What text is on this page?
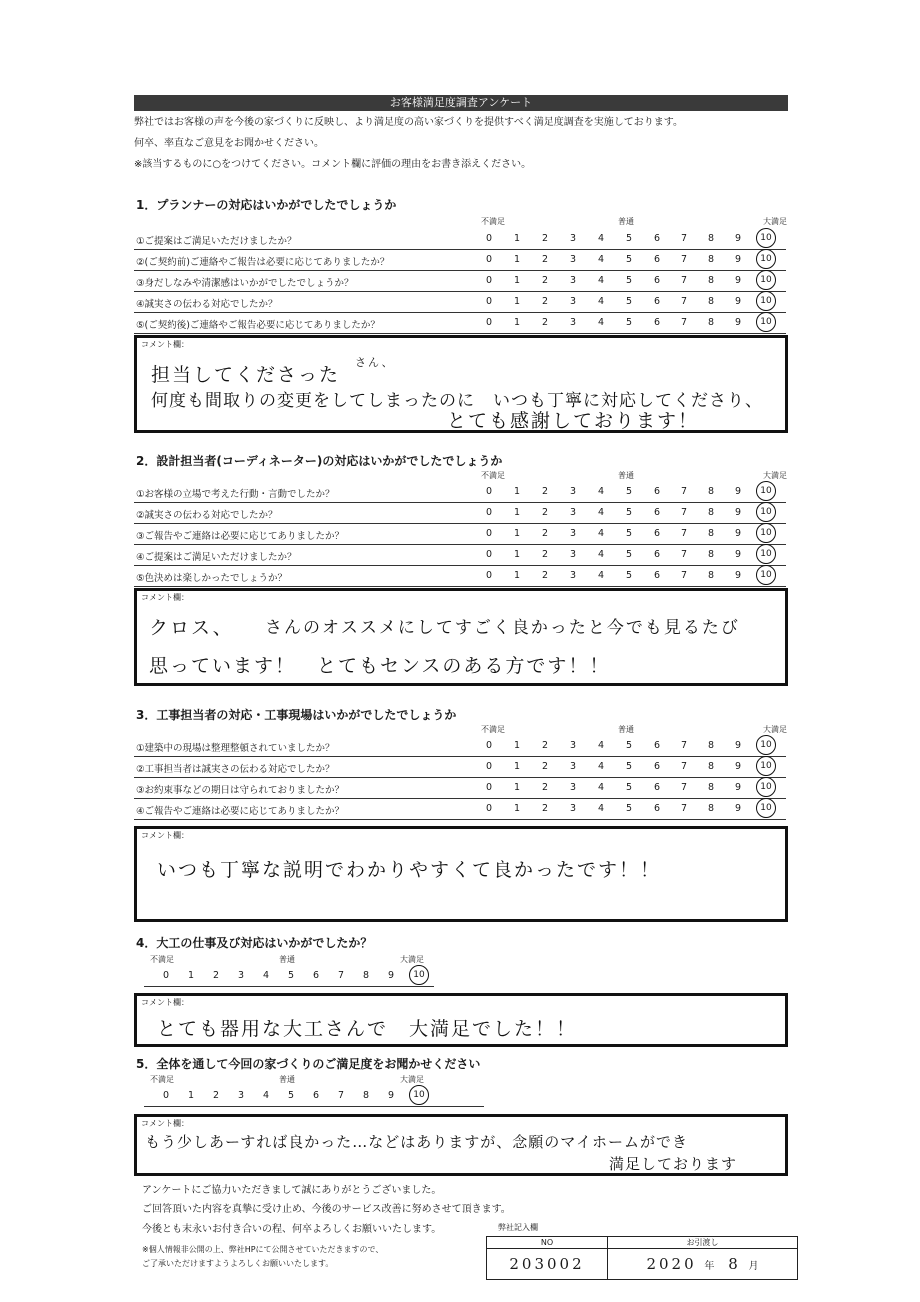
お客様満足度調査アンケート
弊社ではお客様の声を今後の家づくりに反映し、より満足度の高い家づくりを提供すべく満足度調査を実施しております。
何卒、率直なご意見をお聞かせください。
※該当するものに○をつけてください。コメント欄に評価の理由をお書き添えください。
1．プランナーの対応はいかがでしたでしょうか
不満足	普通	大満足
①ご提案はご満足いただけましたか？	0	1	2	3	4	5	6	7	8	9	10
②(ご契約前)ご連絡やご報告は必要に応じてありましたか？	0	1	2	3	4	5	6	7	8	9	10
③身だしなみや清潔感はいかがでしたでしょうか？	0	1	2	3	4	5	6	7	8	9	10
④誠実さの伝わる対応でしたか？	0	1	2	3	4	5	6	7	8	9	10
⑤(ご契約後)ご連絡やご報告必要に応じてありましたか？	0	1	2	3	4	5	6	7	8	9	10
コメント欄：
担当してくださった
さん、
何度も間取りの変更をしてしまったのに　いつも丁寧に対応してくださり、
とても感謝しております！
2．設計担当者(コーディネーター)の対応はいかがでしたでしょうか
不満足	普通	大満足
①お客様の立場で考えた行動・言動でしたか？	0	1	2	3	4	5	6	7	8	9	10
②誠実さの伝わる対応でしたか？	0	1	2	3	4	5	6	7	8	9	10
③ご報告やご連絡は必要に応じてありましたか？	0	1	2	3	4	5	6	7	8	9	10
④ご提案はご満足いただけましたか？	0	1	2	3	4	5	6	7	8	9	10
⑤色決めは楽しかったでしょうか？	0	1	2	3	4	5	6	7	8	9	10
コメント欄：
クロス、 さんのオススメにしてすごく良かったと今でも見るたび
思っています！　とてもセンスのある方です！！
3．工事担当者の対応・工事現場はいかがでしたでしょうか
不満足	普通	大満足
①建築中の現場は整理整頓されていましたか？	0	1	2	3	4	5	6	7	8	9	10
②工事担当者は誠実さの伝わる対応でしたか？	0	1	2	3	4	5	6	7	8	9	10
③お約束事などの期日は守られておりましたか？	0	1	2	3	4	5	6	7	8	9	10
④ご報告やご連絡は必要に応じてありましたか？	0	1	2	3	4	5	6	7	8	9	10
コメント欄：
いつも丁寧な説明でわかりやすくて良かったです！！
4．大工の仕事及び対応はいかがでしたか？
不満足	普通	大満足
0	1	2	3	4	5	6	7	8	9	10
コメント欄：
とても器用な大工さんで　大満足でした！！
5．全体を通して今回の家づくりのご満足度をお聞かせください
不満足	普通	大満足
0	1	2	3	4	5	6	7	8	9	10
コメント欄：
もう少しあーすれば良かった…などはありますが、念願のマイホームができ
満足しております
アンケートにご協力いただきまして誠にありがとうございました。
ご回答頂いた内容を真摯に受け止め、今後のサービス改善に努めさせて頂きます。
今後とも末永いお付き合いの程、何卒よろしくお願いいたします。
※個人情報非公開の上、弊社HPにて公開させていただきますので、
ご了承いただけますようよろしくお願いいたします。
弊社記入欄
NO	お引渡し
203002	2020 年 8 月
